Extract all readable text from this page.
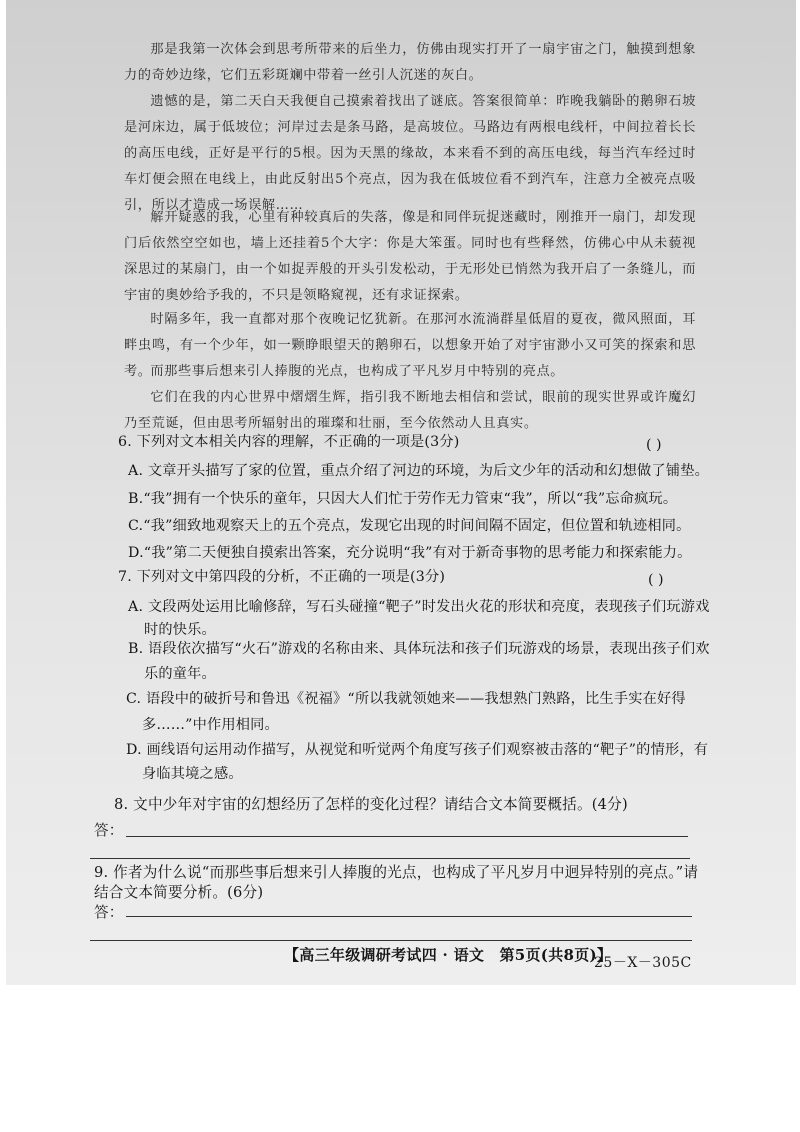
那是我第一次体会到思考所带来的后坐力，仿佛由现实打开了一扇宇宙之门，触摸到想象力的奇妙边缘，它们五彩斑斓中带着一丝引人沉迷的灰白。

遗憾的是，第二天白天我便自己摸索着找出了谜底。答案很简单：昨晚我躺卧的鹅卵石坡是河床边，属于低坡位；河岸过去是条马路，是高坡位。马路边有两根电线杆，中间拉着长长的高压电线，正好是平行的5根。因为天黑的缘故，本来看不到的高压电线，每当汽车经过时车灯便会照在电线上，由此反射出5个亮点，因为我在低坡位看不到汽车，注意力全被亮点吸引，所以才造成一场误解……

解开疑惑的我，心里有种较真后的失落，像是和同伴玩捉迷藏时，刚推开一扇门，却发现门后依然空空如也，墙上还挂着5个大字：你是大笨蛋。同时也有些释然，仿佛心中从未藐视深思过的某扇门，由一个如捉弄般的开头引发松动，于无形处已悄然为我开启了一条缝儿，而宇宙的奥妙给予我的，不只是领略窥视，还有求证探索。

时隔多年，我一直都对那个夜晚记忆犹新。在那河水流淌群星低眉的夏夜，微风照面，耳畔虫鸣，有一个少年，如一颗睁眼望天的鹅卵石，以想象开始了对宇宙渺小又可笑的探索和思考。

而那些事后想来引人捧腹的光点，也构成了平凡岁月中特别的亮点。

它们在我的内心世界中熠熠生辉，指引我不断地去相信和尝试，眼前的现实世界或许魔幻乃至荒诞，但由思考所辐射出的璀璨和壮丽，至今依然动人且真实。

6. 下列对文本相关内容的理解，不正确的一项是(3分)	( )

A. 文章开头描写了家的位置，重点介绍了河边的环境，为后文少年的活动和幻想做了铺垫。

B.“我”拥有一个快乐的童年，只因大人们忙于劳作无力管束“我”，所以“我”忘命疯玩。

C.“我”细致地观察天上的五个亮点，发现它出现的时间间隔不固定，但位置和轨迹相同。

D.“我”第二天便独自摸索出答案，充分说明“我”有对于新奇事物的思考能力和探索能力。

7. 下列对文中第四段的分析，不正确的一项是(3分)	( )

A. 文段两处运用比喻修辞，写石头碰撞“靶子”时发出火花的形状和亮度，表现孩子们玩游戏

时的快乐。

B. 语段依次描写“火石”游戏的名称由来、具体玩法和孩子们玩游戏的场景，表现出孩子们欢

乐的童年。

C. 语段中的破折号和鲁迅《祝福》“所以我就领她来——我想熟门熟路，比生手实在好得

多……”中作用相同。

D. 画线语句运用动作描写，从视觉和听觉两个角度写孩子们观察被击落的“靶子”的情形，有

身临其境之感。

8. 文中少年对宇宙的幻想经历了怎样的变化过程？请结合文本简要概括。(4分)

答：

9. 作者为什么说“而那些事后想来引人捧腹的光点，也构成了平凡岁月中迥异特别的亮点。”请

结合文本简要分析。(6分)

答：
【高三年级调研考试四 · 语文　第5页(共8页)】
25－X－305C
